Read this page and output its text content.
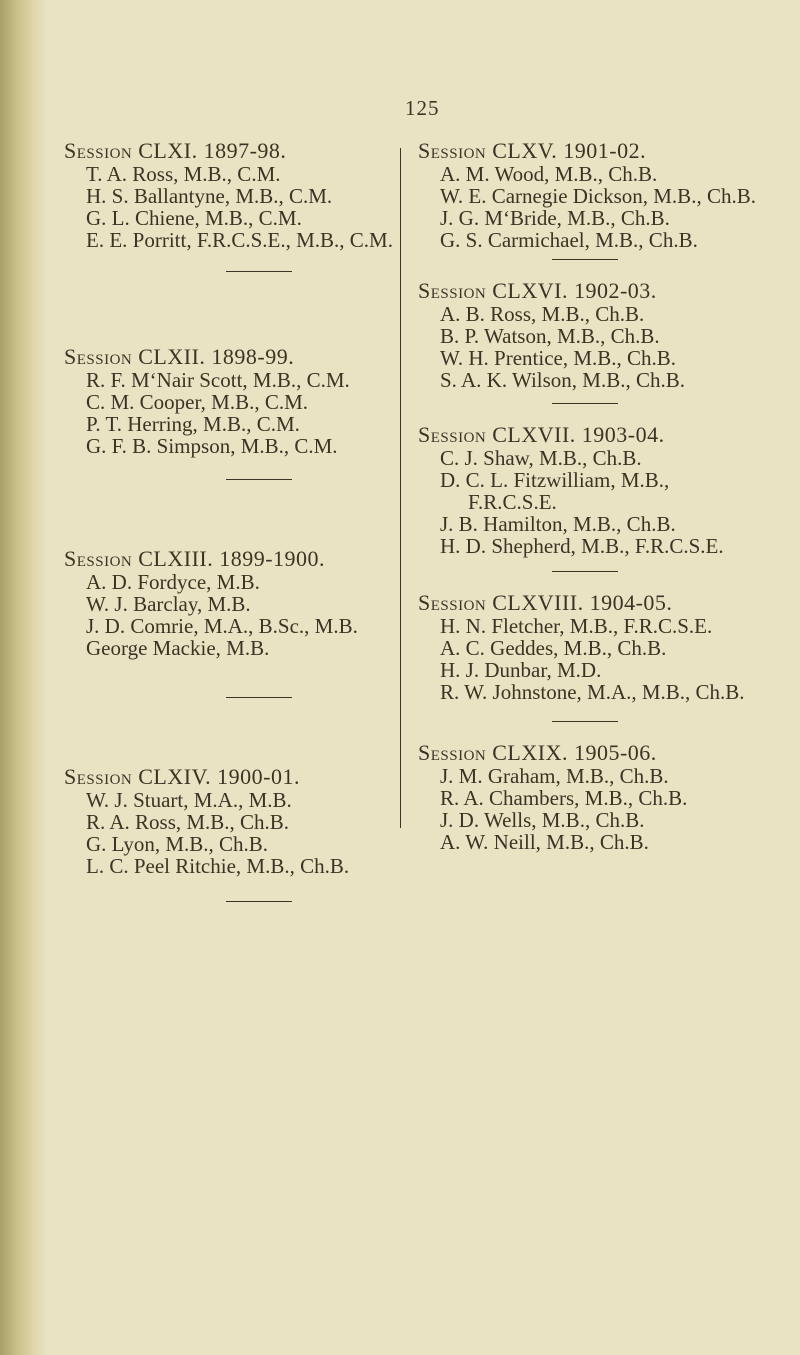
125
Session CLXI. 1897-98.

T. A. Ross, M.B., C.M.

H. S. Ballantyne, M.B., C.M.

G. L. Chiene, M.B., C.M.

E. E. Porritt, F.R.C.S.E., M.B., C.M.

Session CLXII. 1898-99.

R. F. M‘Nair Scott, M.B., C.M.

C. M. Cooper, M.B., C.M.

P. T. Herring, M.B., C.M.

G. F. B. Simpson, M.B., C.M.

Session CLXIII. 1899-1900.

A. D. Fordyce, M.B.

W. J. Barclay, M.B.

J. D. Comrie, M.A., B.Sc., M.B.

George Mackie, M.B.

Session CLXIV. 1900-01.

W. J. Stuart, M.A., M.B.

R. A. Ross, M.B., Ch.B.

G. Lyon, M.B., Ch.B.

L. C. Peel Ritchie, M.B., Ch.B.

Session CLXV. 1901-02.

A. M. Wood, M.B., Ch.B.

W. E. Carnegie Dickson, M.B., Ch.B.

J. G. M‘Bride, M.B., Ch.B.

G. S. Carmichael, M.B., Ch.B.

Session CLXVI. 1902-03.

A. B. Ross, M.B., Ch.B.

B. P. Watson, M.B., Ch.B.

W. H. Prentice, M.B., Ch.B.

S. A. K. Wilson, M.B., Ch.B.

Session CLXVII. 1903-04.

C. J. Shaw, M.B., Ch.B.

D. C. L. Fitzwilliam, M.B., F.R.C.S.E.

J. B. Hamilton, M.B., Ch.B.

H. D. Shepherd, M.B., F.R.C.S.E.

Session CLXVIII. 1904-05.

H. N. Fletcher, M.B., F.R.C.S.E.

A. C. Geddes, M.B., Ch.B.

H. J. Dunbar, M.D.

R. W. Johnstone, M.A., M.B., Ch.B.

Session CLXIX. 1905-06.

J. M. Graham, M.B., Ch.B.

R. A. Chambers, M.B., Ch.B.

J. D. Wells, M.B., Ch.B.

A. W. Neill, M.B., Ch.B.
